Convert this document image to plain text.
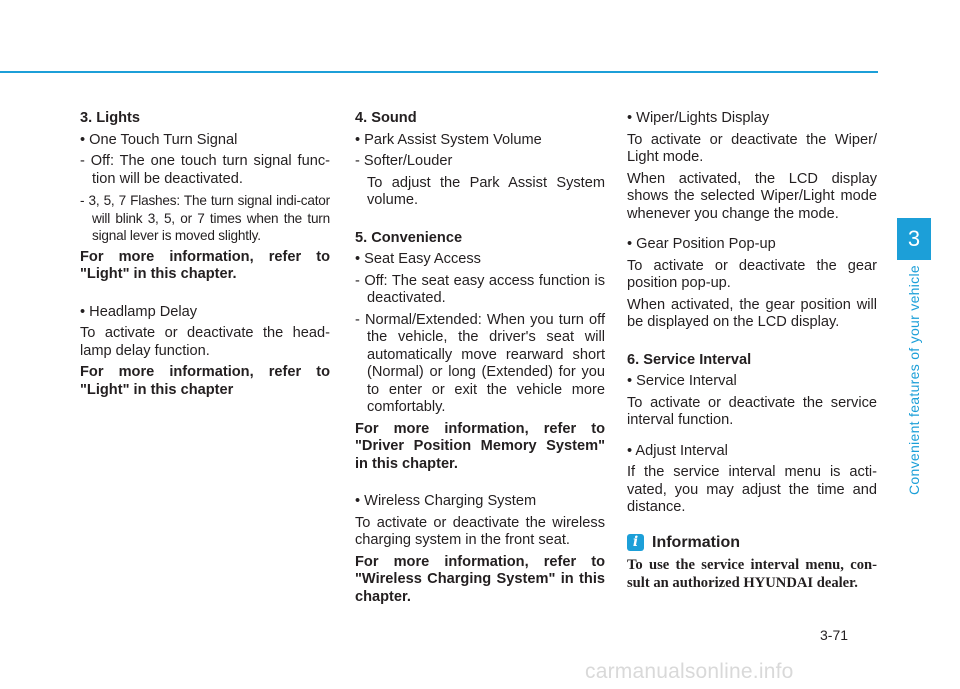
3. Lights

• One Touch Turn Signal

- Off: The one touch turn signal func-tion will be deactivated.

- 3, 5, 7 Flashes: The turn signal indi-cator will blink 3, 5, or 7 times when the turn signal lever is moved slightly.

For more information, refer to "Light" in this chapter.

• Headlamp Delay

To activate or deactivate the head-lamp delay function.

For more information, refer to "Light" in this chapter

4. Sound

• Park Assist System Volume

- Softer/Louder

To adjust the Park Assist System volume.

5. Convenience

• Seat Easy Access

- Off: The seat easy access function is deactivated.

- Normal/Extended: When you turn off the vehicle, the driver's seat will automatically move rearward short (Normal) or long (Extended) for you to enter or exit the vehicle more comfortably.

For more information, refer to "Driver Position Memory System" in this chapter.

• Wireless Charging System

To activate or deactivate the wireless charging system in the front seat.

For more information, refer to "Wireless Charging System" in this chapter.

• Wiper/Lights Display

To activate or deactivate the Wiper/ Light mode.

When activated, the LCD display shows the selected Wiper/Light mode whenever you change the mode.

• Gear Position Pop-up

To activate or deactivate the gear position pop-up.

When activated, the gear position will be displayed on the LCD display.

6. Service Interval

• Service Interval

To activate or deactivate the service interval function.

• Adjust Interval

If the service interval menu is acti-vated, you may adjust the time and distance.

i Information

To use the service interval menu, con-sult an authorized HYUNDAI dealer.

3
Convenient features of your vehicle
3-71
carmanualsonline.info
